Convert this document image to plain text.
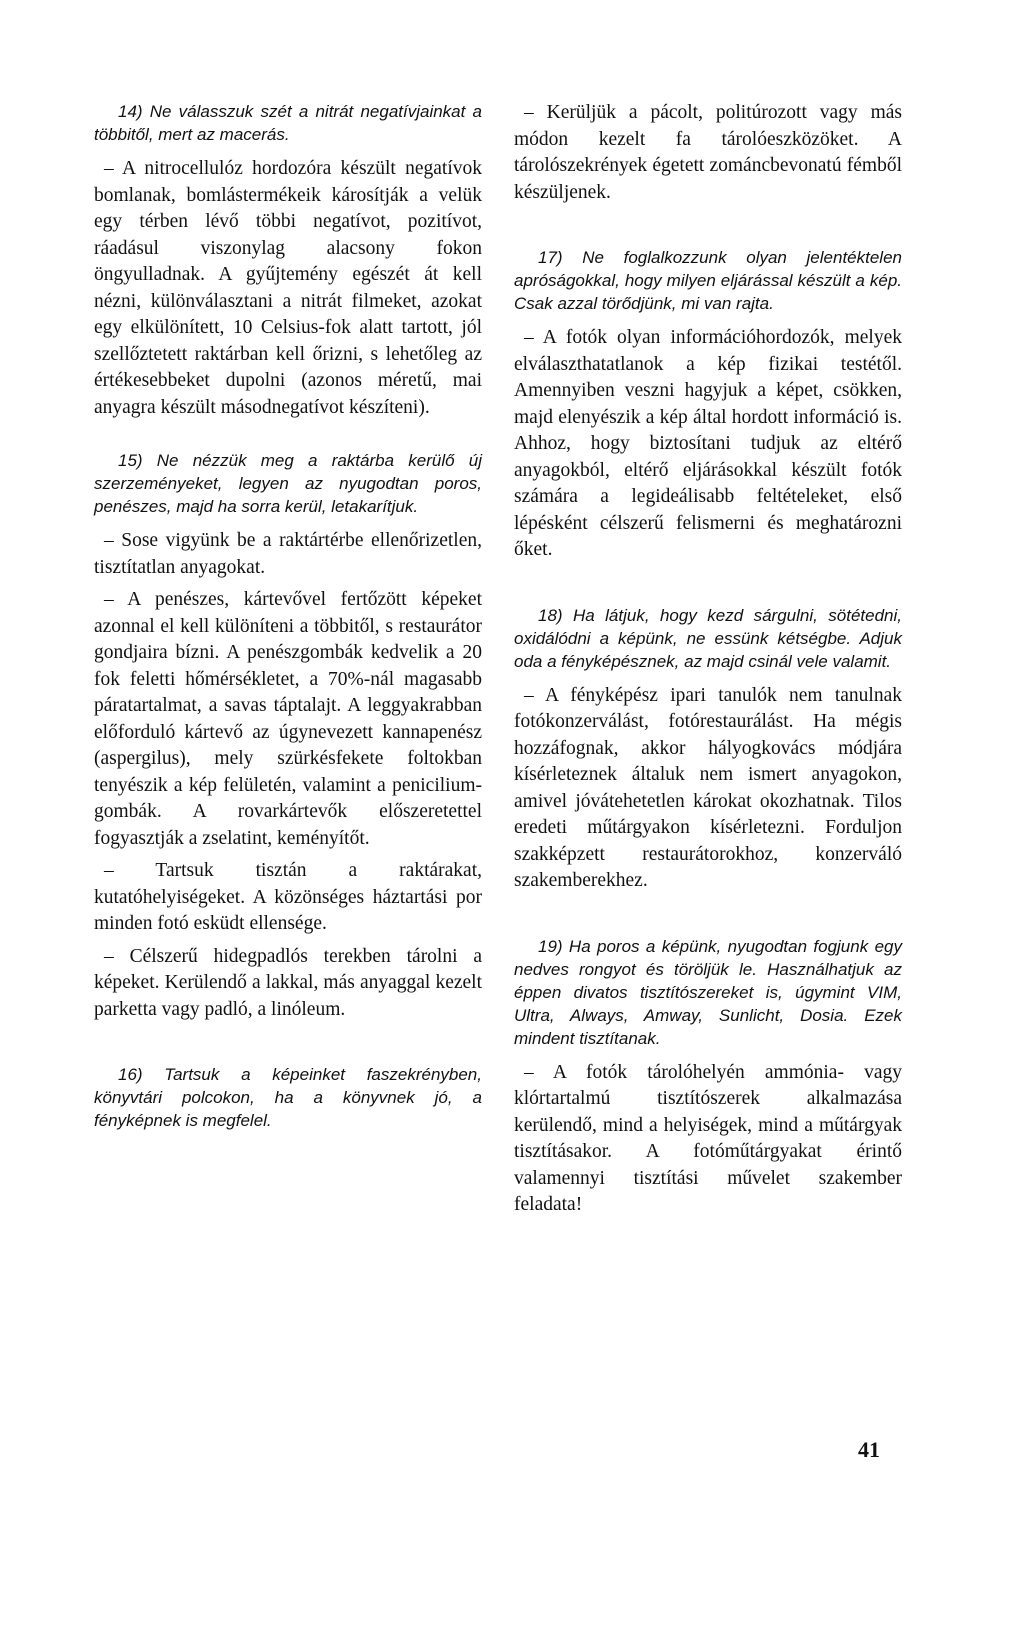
14) Ne válasszuk szét a nitrát negatívjainkat a többitől, mert az macerás.

– A nitrocellulóz hordozóra készült negatívok bomlanak, bomlástermékeik károsítják a velük egy térben lévő többi negatívot, pozitívot, ráadásul viszonylag alacsony fokon öngyulladnak. A gyűjtemény egészét át kell nézni, különválasztani a nitrát filmeket, azokat egy elkülönített, 10 Celsius-fok alatt tartott, jól szellőztetett raktárban kell őrizni, s lehetőleg az értékesebbeket dupolni (azonos méretű, mai anyagra készült másodnegatívot készíteni).

15) Ne nézzük meg a raktárba kerülő új szerzeményeket, legyen az nyugodtan poros, penészes, majd ha sorra kerül, letakarítjuk.

– Sose vigyünk be a raktártérbe ellenőrizetlen, tisztítatlan anyagokat.

– A penészes, kártevővel fertőzött képeket azonnal el kell különíteni a többitől, s restaurátor gondjaira bízni. A penészgombák kedvelik a 20 fok feletti hőmérsékletet, a 70%-nál magasabb páratartalmat, a savas táptalajt. A leggyakrabban előforduló kártevő az úgynevezett kannapenész (aspergilus), mely szürkésfekete foltokban tenyészik a kép felületén, valamint a penicilium-gombák. A rovarkártevők előszeretettel fogyasztják a zselatint, keményítőt.

– Tartsuk tisztán a raktárakat, kutatóhelyiségeket. A közönséges háztartási por minden fotó esküdt ellensége.

– Célszerű hidegpadlós terekben tárolni a képeket. Kerülendő a lakkal, más anyaggal kezelt parketta vagy padló, a linóleum.

16) Tartsuk a képeinket faszekrényben, könyvtári polcokon, ha a könyvnek jó, a fényképnek is megfelel.

– Kerüljük a pácolt, politúrozott vagy más módon kezelt fa tárolóeszközöket. A tárolószekrények égetett zománcbevonatú fémből készüljenek.

17) Ne foglalkozzunk olyan jelentéktelen apróságokkal, hogy milyen eljárással készült a kép. Csak azzal törődjünk, mi van rajta.

– A fotók olyan információhordozók, melyek elválaszthatatlanok a kép fizikai testétől. Amennyiben veszni hagyjuk a képet, csökken, majd elenyészik a kép által hordott információ is. Ahhoz, hogy biztosítani tudjuk az eltérő anyagokból, eltérő eljárásokkal készült fotók számára a legideálisabb feltételeket, első lépésként célszerű felismerni és meghatározni őket.

18) Ha látjuk, hogy kezd sárgulni, sötétedni, oxidálódni a képünk, ne essünk kétségbe. Adjuk oda a fényképésznek, az majd csinál vele valamit.

– A fényképész ipari tanulók nem tanulnak fotókonzerválást, fotórestaurálást. Ha mégis hozzáfognak, akkor hályogkovács módjára kísérleteznek általuk nem ismert anyagokon, amivel jóvátehetetlen károkat okozhatnak. Tilos eredeti műtárgyakon kísérletezni. Forduljon szakképzett restaurátorokhoz, konzerváló szakemberekhez.

19) Ha poros a képünk, nyugodtan fogjunk egy nedves rongyot és töröljük le. Használhatjuk az éppen divatos tisztítószereket is, úgymint VIM, Ultra, Always, Amway, Sunlicht, Dosia. Ezek mindent tisztítanak.

– A fotók tárolóhelyén ammónia- vagy klórtartalmú tisztítószerek alkalmazása kerülendő, mind a helyiségek, mind a műtárgyak tisztításakor. A fotóműtárgyakat érintő valamennyi tisztítási művelet szakember feladata!

41
